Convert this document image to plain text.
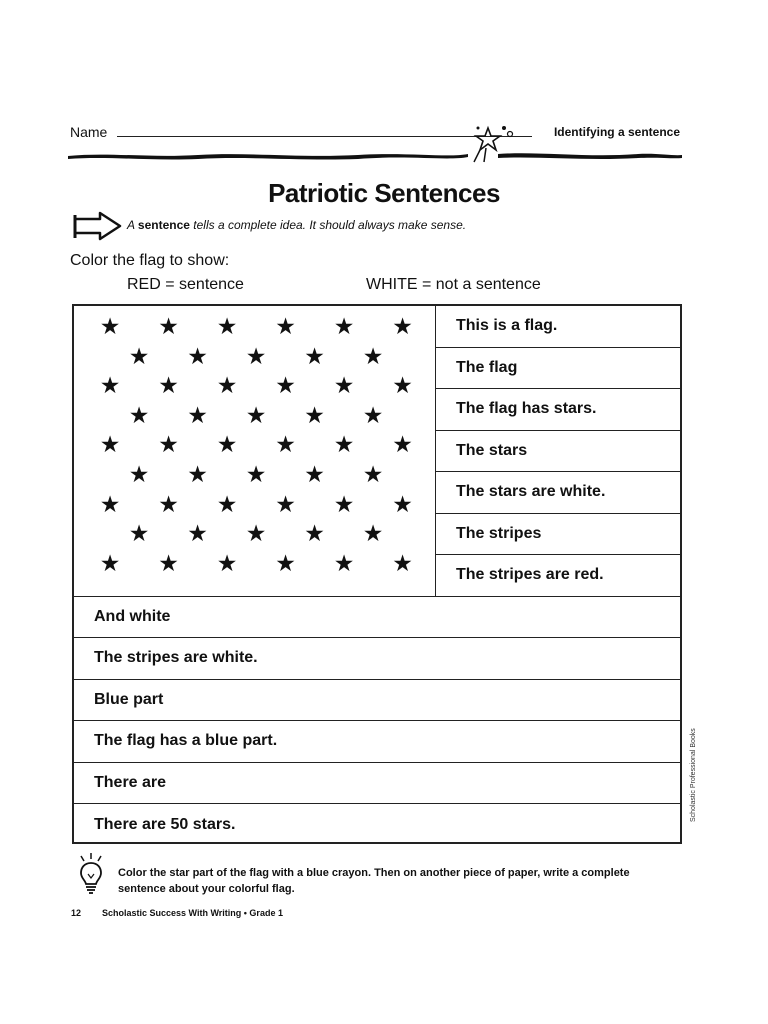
Name	Identifying a sentence
Patriotic Sentences

A sentence tells a complete idea. It should always make sense.

Color the flag to show:

RED = sentence	WHITE = not a sentence

★ ★ ★ ★ ★ ★
★ ★ ★ ★ ★
★ ★ ★ ★ ★ ★
★ ★ ★ ★ ★
★ ★ ★ ★ ★ ★
★ ★ ★ ★ ★
★ ★ ★ ★ ★ ★
★ ★ ★ ★ ★
★ ★ ★ ★ ★ ★
This is a flag.
The flag
The flag has stars.
The stars
The stars are white.
The stripes
The stripes are red.
And white
The stripes are white.
Blue part
The flag has a blue part.
There are
There are 50 stars.

Color the star part of the flag with a blue crayon. Then on another piece of paper, write a complete sentence about your colorful flag.

12 Scholastic Success With Writing • Grade 1
Scholastic Professional Books
